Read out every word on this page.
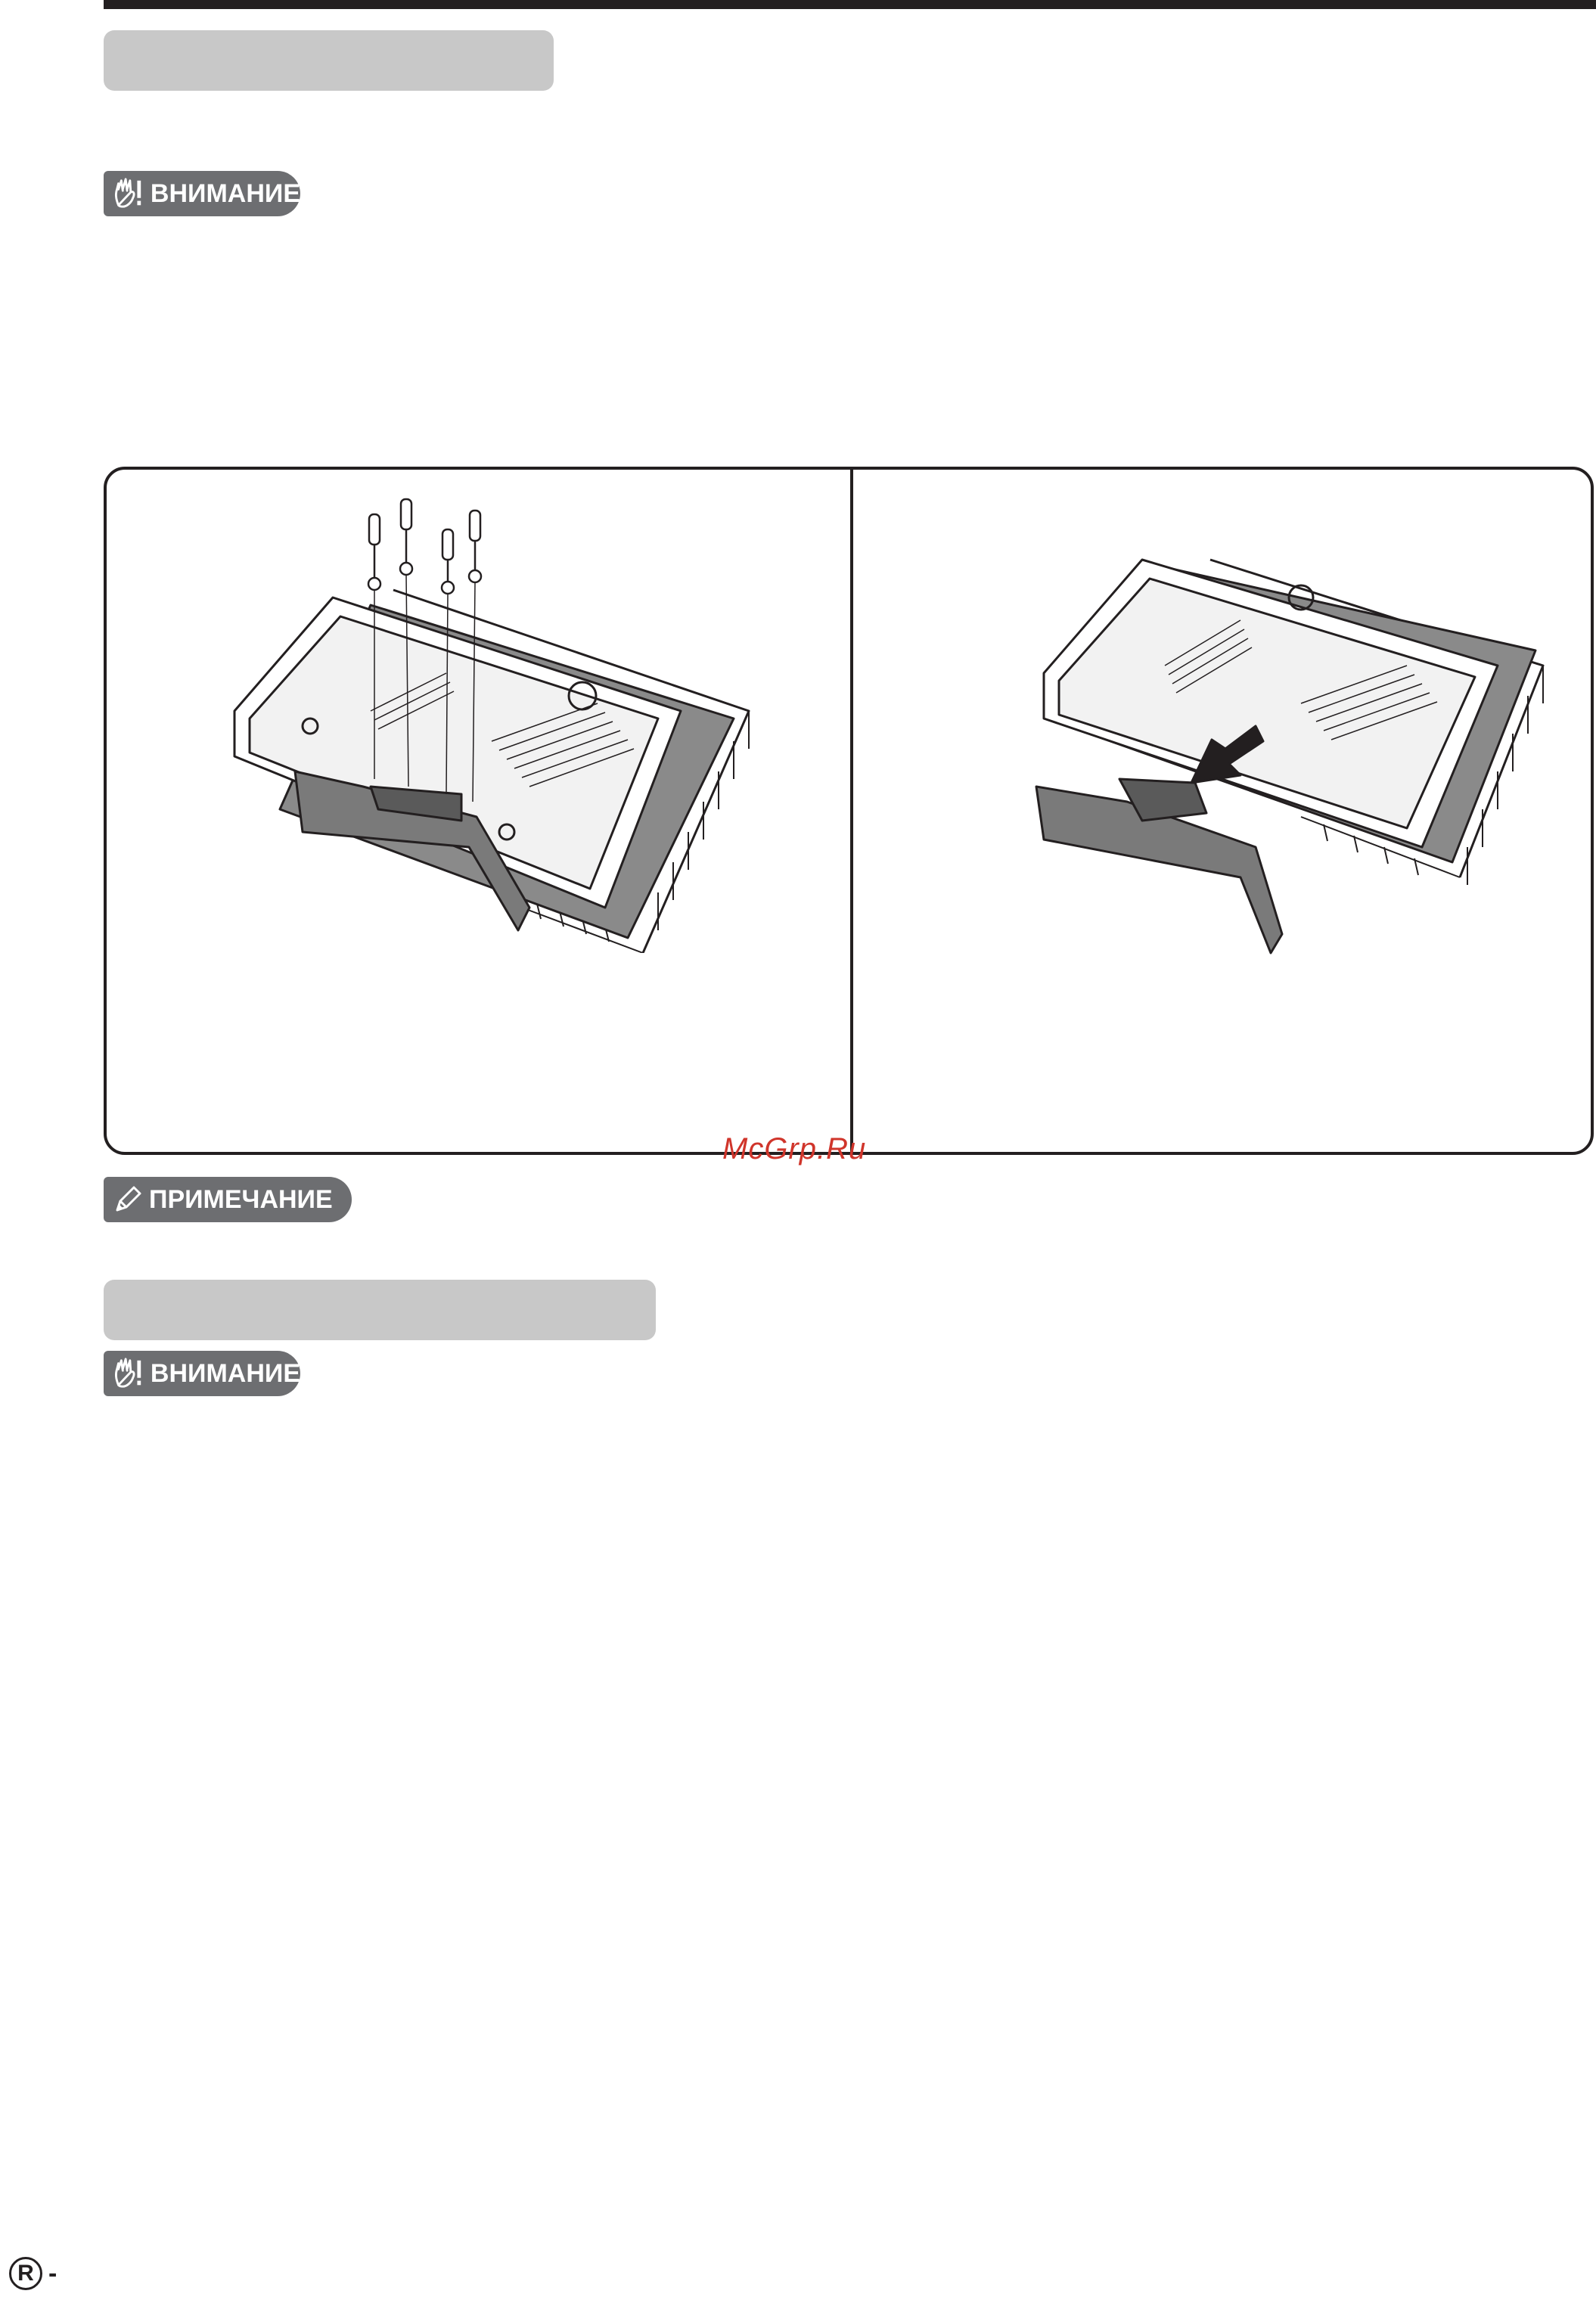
ВНИМАНИЕ
McGrp.Ru
ПРИМЕЧАНИЕ
ВНИМАНИЕ
R -
